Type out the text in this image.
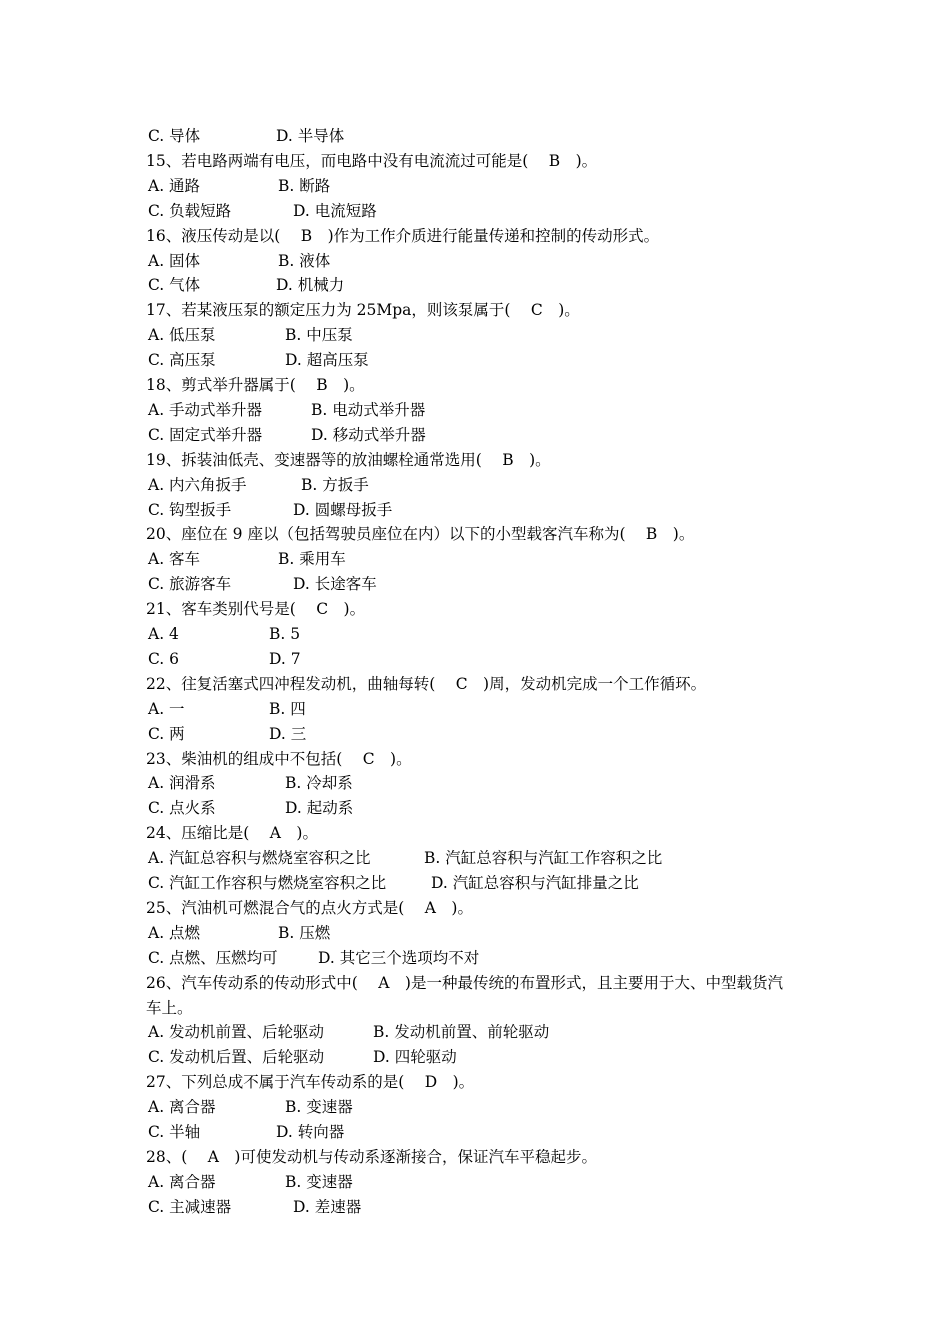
C. 导体	D. 半导体
15、若电路两端有电压，而电路中没有电流流过可能是(　 B　)。
A. 通路	B. 断路
C. 负载短路	D. 电流短路
16、液压传动是以(　 B　)作为工作介质进行能量传递和控制的传动形式。
A. 固体	B. 液体
C. 气体	D. 机械力
17、若某液压泵的额定压力为 25Mpa，则该泵属于(　 C　)。
A. 低压泵	B. 中压泵
C. 高压泵	D. 超高压泵
18、剪式举升器属于(　 B　)。
A. 手动式举升器	B. 电动式举升器
C. 固定式举升器	D. 移动式举升器
19、拆装油低壳、变速器等的放油螺栓通常选用(　 B　)。
A. 内六角扳手	B. 方扳手
C. 钩型扳手	D. 圆螺母扳手
20、座位在 9 座以（包括驾驶员座位在内）以下的小型载客汽车称为(　 B　)。
A. 客车	B. 乘用车
C. 旅游客车	D. 长途客车
21、客车类别代号是(　 C　)。
A. 4	B. 5
C. 6	D. 7
22、往复活塞式四冲程发动机，曲轴每转(　 C　)周，发动机完成一个工作循环。
A. 一	B. 四
C. 两	D. 三
23、柴油机的组成中不包括(　 C　)。
A. 润滑系	B. 冷却系
C. 点火系	D. 起动系
24、压缩比是(　 A　)。
A. 汽缸总容积与燃烧室容积之比	B. 汽缸总容积与汽缸工作容积之比
C. 汽缸工作容积与燃烧室容积之比	D. 汽缸总容积与汽缸排量之比
25、汽油机可燃混合气的点火方式是(　 A　)。
A. 点燃	B. 压燃
C. 点燃、压燃均可	D. 其它三个选项均不对
26、汽车传动系的传动形式中(　 A　)是一种最传统的布置形式，且主要用于大、中型载货汽
车上。
A. 发动机前置、后轮驱动	B. 发动机前置、前轮驱动
C. 发动机后置、后轮驱动	D. 四轮驱动
27、下列总成不属于汽车传动系的是(　 D　)。
A. 离合器	B. 变速器
C. 半轴	D. 转向器
28、(　 A　)可使发动机与传动系逐渐接合，保证汽车平稳起步。
A. 离合器	B. 变速器
C. 主减速器	D. 差速器
